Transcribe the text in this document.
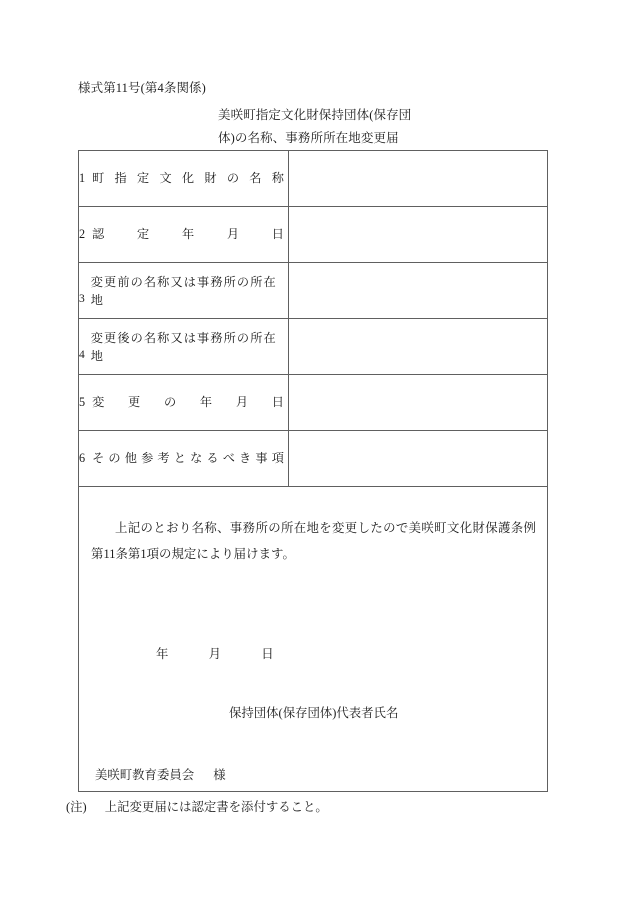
様式第11号(第4条関係)
美咲町指定文化財保持団体(保存団
体)の名称、事務所所在地変更届
1 町 指 定 文 化 財 の 名 称

2 認	定	年	月	日

3
変更前の名称又は事務所の所在地	

4
変更後の名称又は事務所の所在地	

5 変 更 の 年 月 日

6 そ の 他 参 考 と な る べ き 事 項

上記のとおり名称、事務所の所在地を変更したので美咲町文化財保護条例第11条第1項の規定により届けます。
年 月 日
保持団体(保存団体)代表者氏名
美咲町教育委員会 様	
(注) 上記変更届には認定書を添付すること。
